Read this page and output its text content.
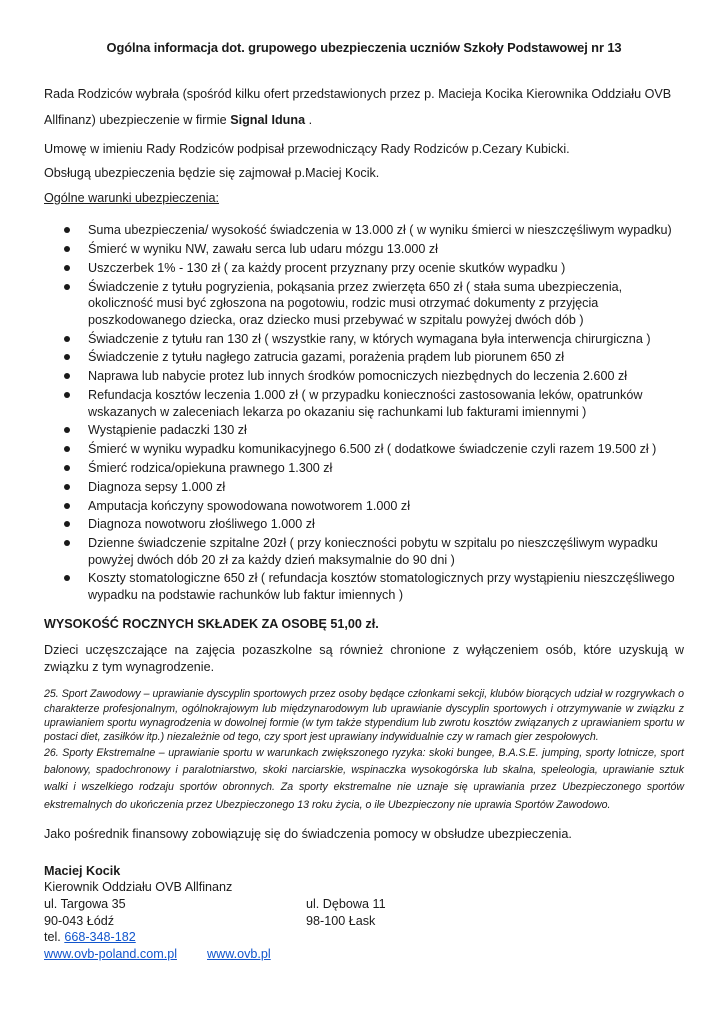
Ogólna informacja dot. grupowego ubezpieczenia uczniów Szkoły Podstawowej nr 13

Rada Rodziców wybrała (spośród kilku ofert przedstawionych przez p. Macieja Kocika Kierownika Oddziału OVB Allfinanz) ubezpieczenie w firmie Signal Iduna .

Umowę w imieniu Rady Rodziców podpisał przewodniczący Rady Rodziców p.Cezary Kubicki.

Obsługą ubezpieczenia będzie się zajmował p.Maciej Kocik.

Ogólne warunki ubezpieczenia:

Suma ubezpieczenia/ wysokość świadczenia w 13.000 zł ( w wyniku śmierci w nieszczęśliwym wypadku)
Śmierć w wyniku NW, zawału serca lub udaru mózgu 13.000 zł
Uszczerbek 1% - 130 zł ( za każdy procent przyznany przy ocenie skutków wypadku )
Świadczenie z tytułu pogryzienia, pokąsania przez zwierzęta 650 zł ( stała suma ubezpieczenia, okoliczność musi być zgłoszona na pogotowiu, rodzic musi otrzymać dokumenty z przyjęcia poszkodowanego dziecka, oraz dziecko musi przebywać w szpitalu powyżej dwóch dób )
Świadczenie z tytułu ran 130 zł ( wszystkie rany, w których wymagana była interwencja chirurgiczna )
Świadczenie z tytułu nagłego zatrucia gazami, porażenia prądem lub piorunem 650 zł
Naprawa lub nabycie protez lub innych środków pomocniczych niezbędnych do leczenia 2.600 zł
Refundacja kosztów leczenia 1.000 zł ( w przypadku konieczności zastosowania leków, opatrunków wskazanych w zaleceniach lekarza po okazaniu się rachunkami lub fakturami imiennymi )
Wystąpienie padaczki 130 zł
Śmierć w wyniku wypadku komunikacyjnego 6.500 zł ( dodatkowe świadczenie czyli razem 19.500 zł )
Śmierć rodzica/opiekuna prawnego 1.300 zł
Diagnoza sepsy 1.000 zł
Amputacja kończyny spowodowana nowotworem 1.000 zł
Diagnoza nowotworu złośliwego 1.000 zł
Dzienne świadczenie szpitalne 20zł ( przy konieczności pobytu w szpitalu po nieszczęśliwym wypadku powyżej dwóch dób 20 zł za każdy dzień maksymalnie do 90 dni )
Koszty stomatologiczne 650 zł ( refundacja kosztów stomatologicznych przy wystąpieniu nieszczęśliwego wypadku na podstawie rachunków lub faktur imiennych )

WYSOKOŚĆ ROCZNYCH SKŁADEK ZA OSOBĘ 51,00 zł.

Dzieci uczęszczające na zajęcia pozaszkolne są również chronione z wyłączeniem osób, które uzyskują w związku z tym wynagrodzenie.

25. Sport Zawodowy – uprawianie dyscyplin sportowych przez osoby będące członkami sekcji, klubów biorących udział w rozgrywkach o charakterze profesjonalnym, ogólnokrajowym lub międzynarodowym lub uprawianie dyscyplin sportowych i otrzymywanie w związku z uprawianiem sportu wynagrodzenia w dowolnej formie (w tym także stypendium lub zwrotu kosztów związanych z uprawianiem sportu w postaci diet, zasiłków itp.) niezależnie od tego, czy sport jest uprawiany indywidualnie czy w ramach gier zespołowych.
26. Sporty Ekstremalne – uprawianie sportu w warunkach zwiększonego ryzyka: skoki bungee, B.A.S.E. jumping, sporty lotnicze, sport balonowy, spadochronowy i paralotniarstwo, skoki narciarskie, wspinaczka wysokogórska lub skalna, speleologia, uprawianie sztuk walki i wszelkiego rodzaju sportów obronnych. Za sporty ekstremalne nie uznaje się uprawiania przez Ubezpieczonego sportów ekstremalnych do ukończenia przez Ubezpieczonego 13 roku życia, o ile Ubezpieczony nie uprawia Sportów Zawodowo.

Jako pośrednik finansowy zobowiązuję się do świadczenia pomocy w obsłudze ubezpieczenia.

Maciej Kocik
Kierownik Oddziału OVB Allfinanz
ul. Targowa 35	ul. Dębowa 11
90-043 Łódź	98-100 Łask
tel. 668-348-182
www.ovb-poland.com.pl www.ovb.pl
